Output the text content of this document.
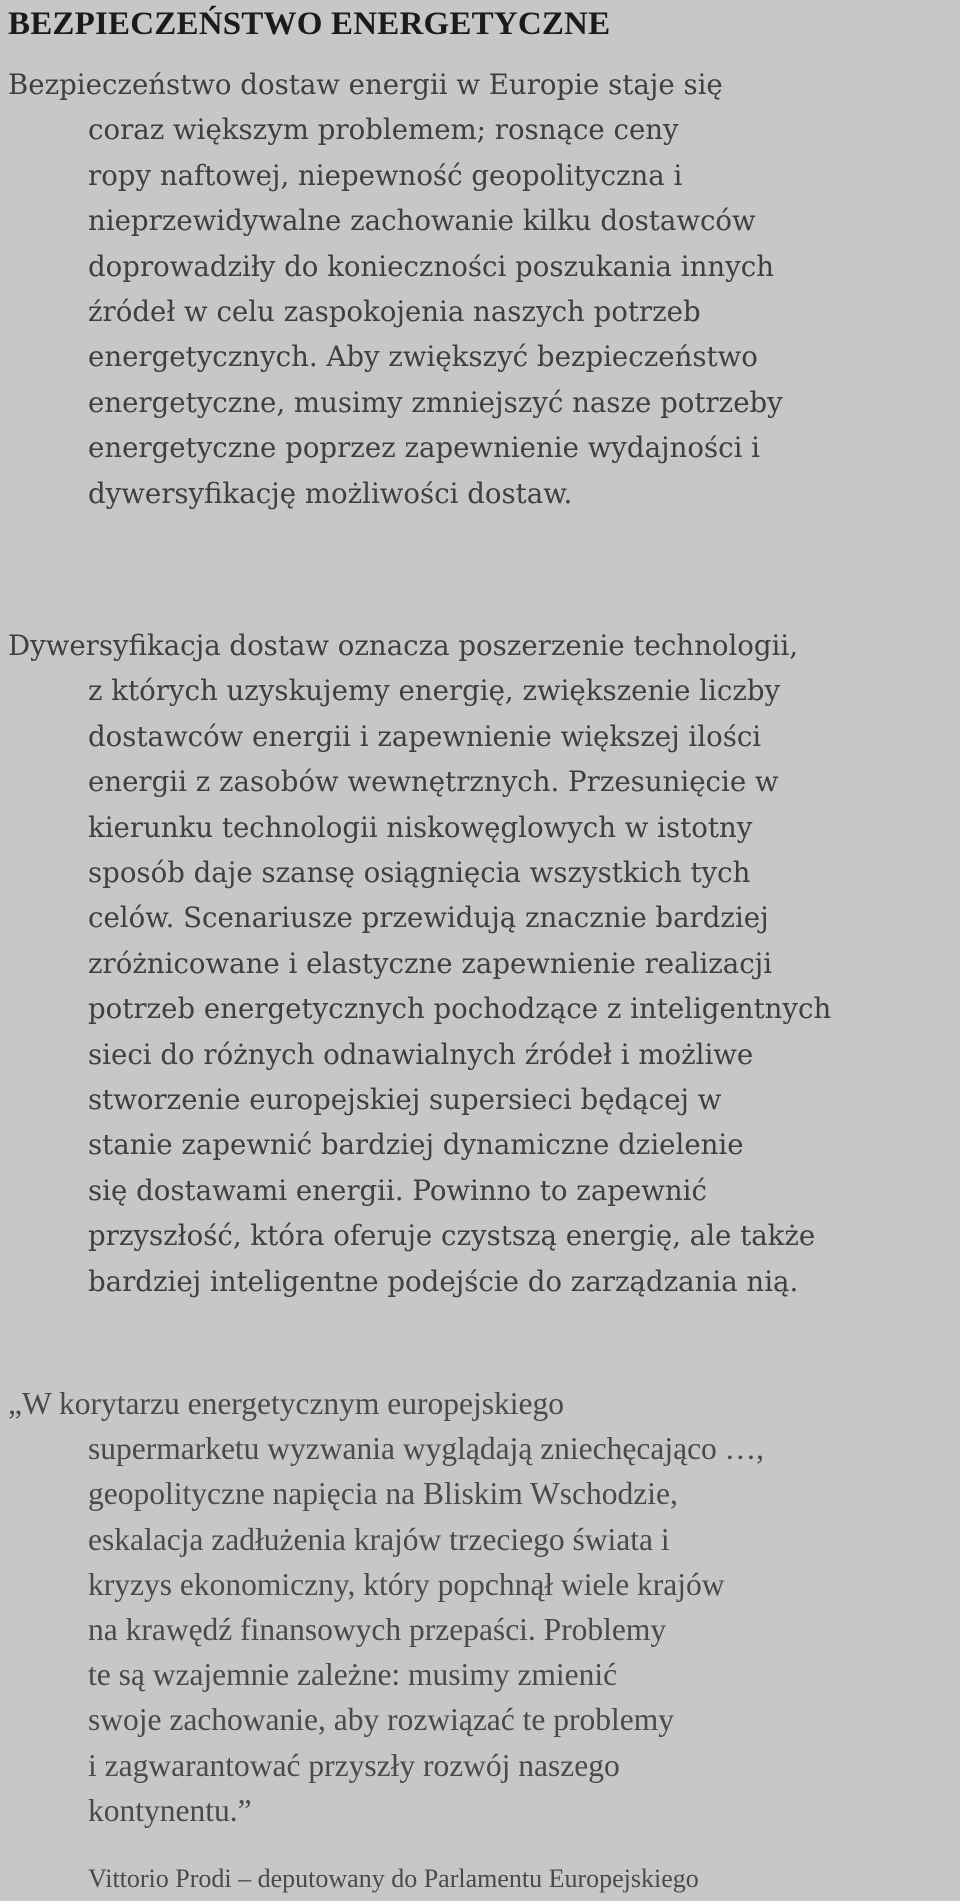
BEZPIECZEŃSTWO ENERGETYCZNE

Bezpieczeństwo dostaw energii w Europie staje się
coraz większym problemem; rosnące ceny
ropy naftowej, niepewność geopolityczna i
nieprzewidywalne zachowanie kilku dostawców
doprowadziły do konieczności poszukania innych
źródeł w celu zaspokojenia naszych potrzeb
energetycznych. Aby zwiększyć bezpieczeństwo
energetyczne, musimy zmniejszyć nasze potrzeby
energetyczne poprzez zapewnienie wydajności i
dywersyfikację możliwości dostaw.

Dywersyfikacja dostaw oznacza poszerzenie technologii,
z których uzyskujemy energię, zwiększenie liczby
dostawców energii i zapewnienie większej ilości
energii z zasobów wewnętrznych. Przesunięcie w
kierunku technologii niskowęglowych w istotny
sposób daje szansę osiągnięcia wszystkich tych
celów. Scenariusze przewidują znacznie bardziej
zróżnicowane i elastyczne zapewnienie realizacji
potrzeb energetycznych pochodzące z inteligentnych
sieci do różnych odnawialnych źródeł i możliwe
stworzenie europejskiej supersieci będącej w
stanie zapewnić bardziej dynamiczne dzielenie
się dostawami energii. Powinno to zapewnić
przyszłość, która oferuje czystszą energię, ale także
bardziej inteligentne podejście do zarządzania nią.

„W korytarzu energetycznym europejskiego
supermarketu wyzwania wyglądają zniechęcająco …,
geopolityczne napięcia na Bliskim Wschodzie,
eskalacja zadłużenia krajów trzeciego świata i
kryzys ekonomiczny, który popchnął wiele krajów
na krawędź finansowych przepaści. Problemy
te są wzajemnie zależne: musimy zmienić
swoje zachowanie, aby rozwiązać te problemy
i zagwarantować przyszły rozwój naszego
kontynentu.”

Vittorio Prodi – deputowany do Parlamentu Europejskiego
